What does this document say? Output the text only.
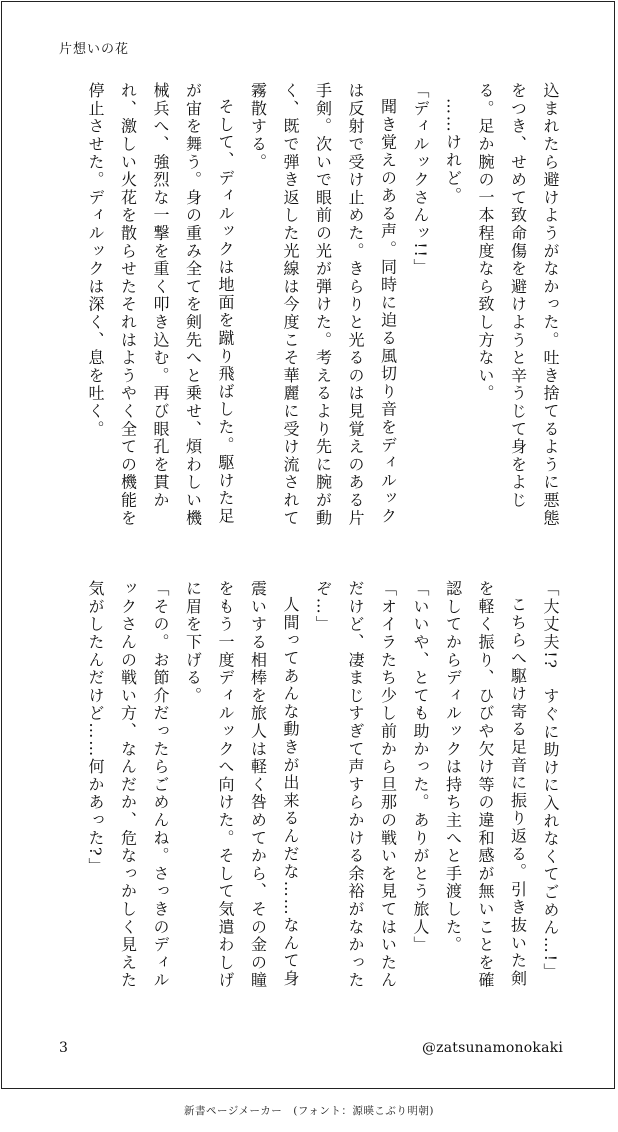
片想いの花

込まれたら避けようがなかった。吐き捨てるように悪態をつき、せめて致命傷を避けようと辛うじて身をよじる。足か腕の一本程度なら致し方ない。

……けれど。

「ディルックさんッ!!」

聞き覚えのある声。同時に迫る風切り音をディルックは反射で受け止めた。きらりと光るのは見覚えのある片手剣。次いで眼前の光が弾けた。考えるより先に腕が動く、既で弾き返した光線は今度こそ華麗に受け流されて霧散する。

そして、ディルックは地面を蹴り飛ばした。駆けた足が宙を舞う。身の重み全てを剣先へと乗せ、煩わしい機械兵へ、強烈な一撃を重く叩き込む。再び眼孔を貫かれ、激しい火花を散らせたそれはようやく全ての機能を停止させた。ディルックは深く、息を吐く。

「大丈夫!?　すぐに助けに入れなくてごめん…!」

こちらへ駆け寄る足音に振り返る。引き抜いた剣を軽く振り、ひびや欠け等の違和感が無いことを確認してからディルックは持ち主へと手渡した。

「いいや、とても助かった。ありがとう旅人」

「オイラたち少し前から旦那の戦いを見てはいたんだけど、凄まじすぎて声すらかける余裕がなかったぞ…」

人間ってあんな動きが出来るんだな……なんて身震いする相棒を旅人は軽く咎めてから、その金の瞳をもう一度ディルックへ向けた。そして気遣わしげに眉を下げる。

「その。お節介だったらごめんね。さっきのディルックさんの戦い方、なんだか、危なっかしく見えた気がしたんだけど……何かあった?」

3	@zatsunamonokaki
新書ページメーカー　(フォント：源暎こぶり明朝)
